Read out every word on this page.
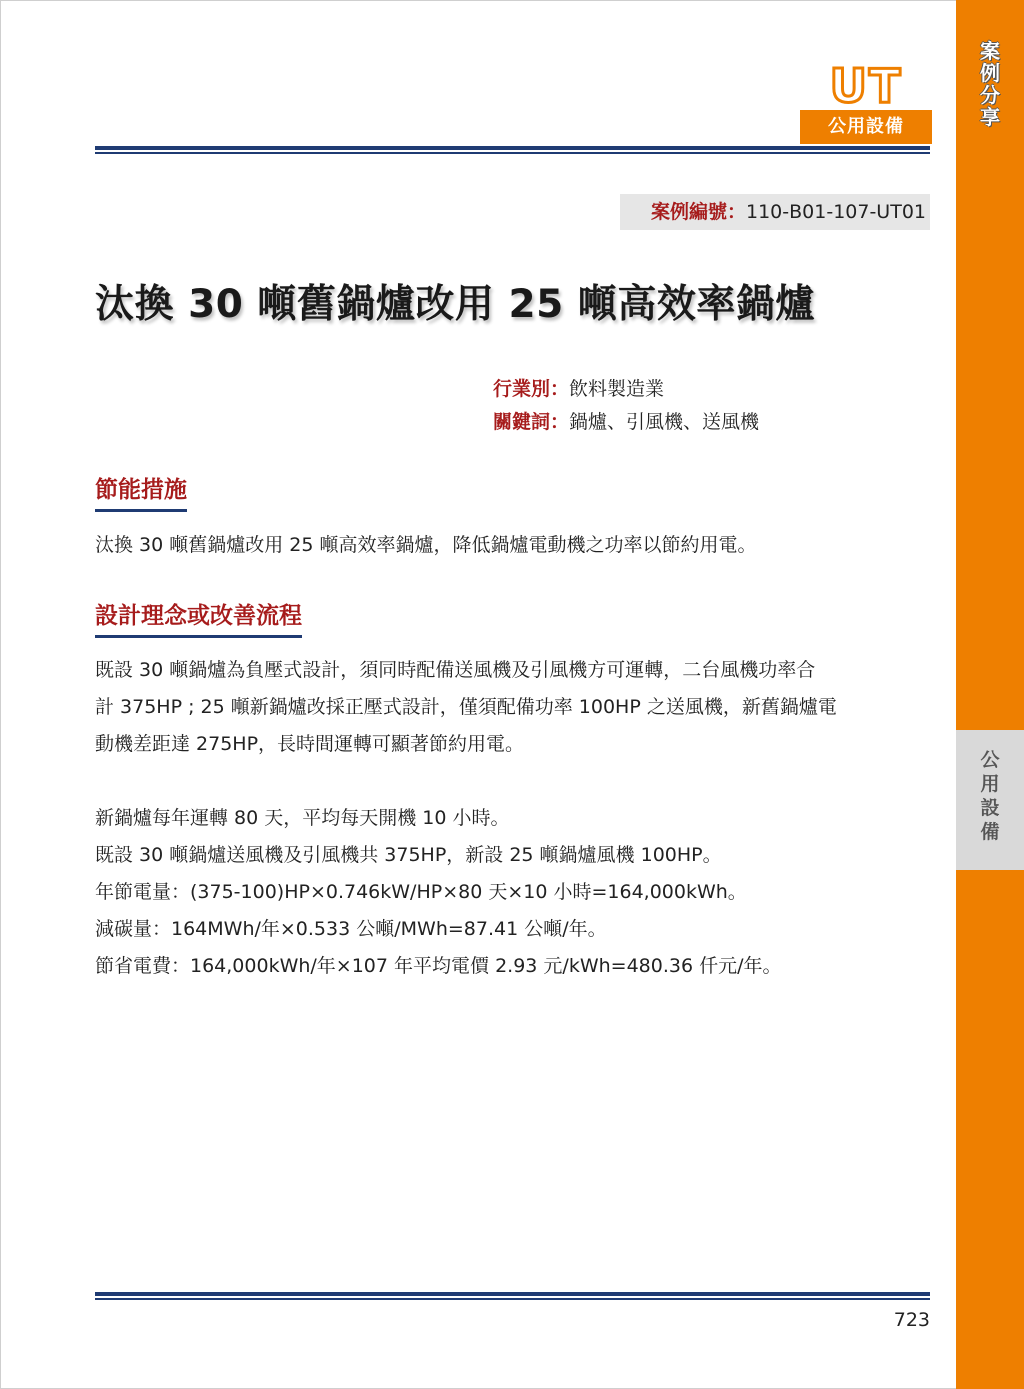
案
例
分
享
公
用
設
備
UT
公用設備
案例編號：110-B01-107-UT01
汰換 30 噸舊鍋爐改用 25 噸高效率鍋爐
行業別：飲料製造業
關鍵詞：鍋爐、引風機、送風機
節能措施
汰換 30 噸舊鍋爐改用 25 噸高效率鍋爐，降低鍋爐電動機之功率以節約用電。
設計理念或改善流程
既設 30 噸鍋爐為負壓式設計，須同時配備送風機及引風機方可運轉，二台風機功率合
計 375HP ; 25 噸新鍋爐改採正壓式設計，僅須配備功率 100HP 之送風機，新舊鍋爐電
動機差距達 275HP，長時間運轉可顯著節約用電。
新鍋爐每年運轉 80 天，平均每天開機 10 小時。
既設 30 噸鍋爐送風機及引風機共 375HP，新設 25 噸鍋爐風機 100HP。
年節電量：(375-100)HP×0.746kW/HP×80 天×10 小時=164,000kWh。
減碳量：164MWh/年×0.533 公噸/MWh=87.41 公噸/年。
節省電費：164,000kWh/年×107 年平均電價 2.93 元/kWh=480.36 仟元/年。
723
